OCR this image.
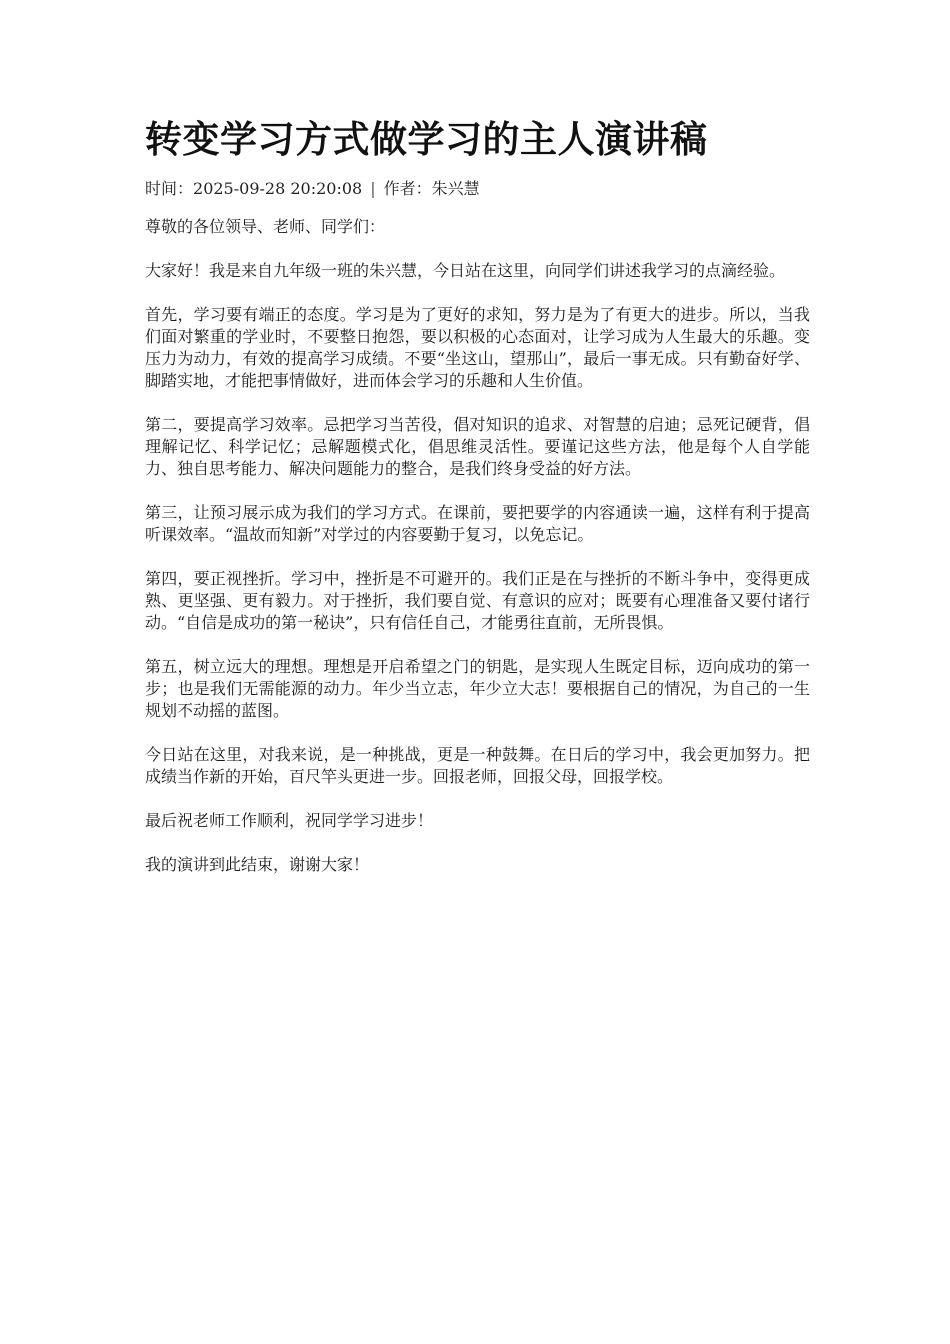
转变学习方式做学习的主人演讲稿
时间：2025-09-28 20:20:08 | 作者：朱兴慧

尊敬的各位领导、老师、同学们：

大家好！我是来自九年级一班的朱兴慧，今日站在这里，向同学们讲述我学习的点滴经验。

首先，学习要有端正的态度。学习是为了更好的求知，努力是为了有更大的进步。所以，当我们面对繁重的学业时，不要整日抱怨，要以积极的心态面对，让学习成为人生最大的乐趣。变压力为动力，有效的提高学习成绩。不要“坐这山，望那山”，最后一事无成。只有勤奋好学、脚踏实地，才能把事情做好，进而体会学习的乐趣和人生价值。

第二，要提高学习效率。忌把学习当苦役，倡对知识的追求、对智慧的启迪；忌死记硬背，倡理解记忆、科学记忆；忌解题模式化，倡思维灵活性。要谨记这些方法，他是每个人自学能力、独自思考能力、解决问题能力的整合，是我们终身受益的好方法。

第三，让预习展示成为我们的学习方式。在课前，要把要学的内容通读一遍，这样有利于提高听课效率。“温故而知新”对学过的内容要勤于复习，以免忘记。

第四，要正视挫折。学习中，挫折是不可避开的。我们正是在与挫折的不断斗争中，变得更成熟、更坚强、更有毅力。对于挫折，我们要自觉、有意识的应对；既要有心理准备又要付诸行动。“自信是成功的第一秘诀”，只有信任自己，才能勇往直前，无所畏惧。

第五，树立远大的理想。理想是开启希望之门的钥匙，是实现人生既定目标，迈向成功的第一步；也是我们无需能源的动力。年少当立志，年少立大志！要根据自己的情况，为自己的一生规划不动摇的蓝图。

今日站在这里，对我来说，是一种挑战，更是一种鼓舞。在日后的学习中，我会更加努力。把成绩当作新的开始，百尺竿头更进一步。回报老师，回报父母，回报学校。

最后祝老师工作顺利，祝同学学习进步！

我的演讲到此结束，谢谢大家！
